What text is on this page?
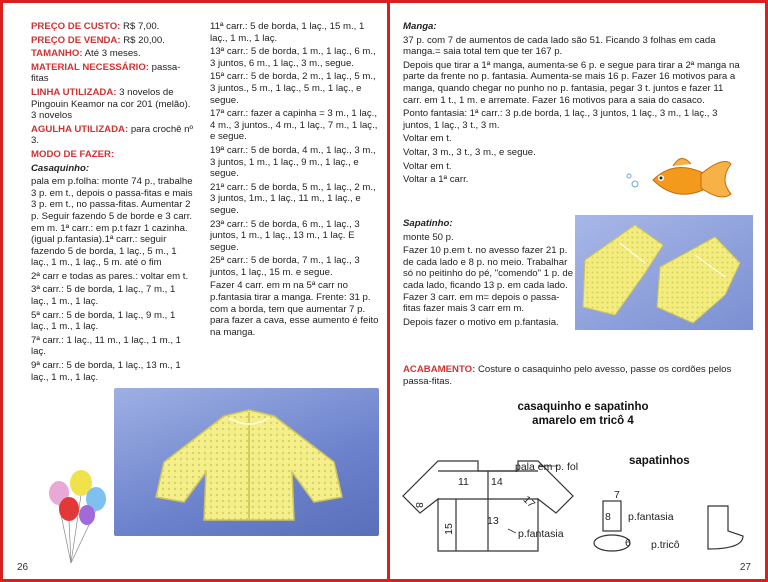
PREÇO DE CUSTO: R$ 7,00.
PREÇO DE VENDA: R$ 20,00.
TAMANHO: Até 3 meses.
MATERIAL NECESSÁRIO: passa-fitas
LINHA UTILIZADA: 3 novelos de Pingouin Keamor na cor 201 (melão). 3 novelos
AGULHA UTILIZADA: para crochê nº 3.
MODO DE FAZER:
Casaquinho:
pala em p.folha: monte 74 p., trabalhe 3 p. em t., depois o passa-fitas e mais 3 p. em t., no passa-fitas. Aumentar 2 p. Seguir fazendo 5 de borde e 3 carr. em m. 1ª carr.: em p.t fazr 1 cazinha.(igual p.fantasia).1ª carr.: seguir fazendo 5 de borda, 1 laç., 5 m., 1 laç., 1 m., 1 laç., 5 m. até o fim
2ª carr e todas as pares.: voltar em t.
3ª carr.: 5 de borda, 1 laç., 7 m., 1 laç., 1 m., 1 laç.
5ª carr.: 5 de borda, 1 laç., 9 m., 1 laç., 1 m., 1 laç.
7ª carr.: 1 laç., 11 m., 1 laç., 1 m., 1 laç.
9ª carr.: 5 de borda, 1 laç., 13 m., 1 laç., 1 m., 1 laç.
11ª carr.: 5 de borda, 1 laç., 15 m., 1 laç., 1 m., 1 laç.
13ª carr.: 5 de borda, 1 m., 1 laç., 6 m., 3 juntos, 6 m., 1 laç., 3 m., segue.
15ª carr.: 5 de borda, 2 m., 1 laç., 5 m., 3 juntos., 5 m., 1 laç., 5 m., 1 laç., e segue.
17ª carr.: fazer a capinha = 3 m., 1 laç., 4 m., 3 juntos., 4 m., 1 laç., 7 m., 1 laç., e segue.
19ª carr.: 5 de borda, 4 m., 1 laç., 3 m., 3 juntos, 1 m., 1 laç., 9 m., 1 laç., e segue.
21ª carr.: 5 de borda, 5 m., 1 laç., 2 m., 3 juntos, 1m., 1 laç., 11 m., 1 laç., e segue.
23ª carr.: 5 de borda, 6 m., 1 laç., 3 juntos, 1 m., 1 laç., 13 m., 1 laç. E segue.
25ª carr.: 5 de borda, 7 m., 1 laç., 3 juntos, 1 laç., 15 m. e segue.
Fazer 4 carr. em m na 5ª carr no p.fantasia tirar a manga. Frente: 31 p. com a borda, tem que aumentar 7 p. para fazer a cava, esse aumento é feito na manga.
26
Manga:
37 p. com 7 de aumentos de cada lado são 51. Ficando 3 folhas em cada manga.= saia total tem que ter 167 p.
Depois que tirar a 1ª manga, aumenta-se 6 p. e segue para tirar a 2ª manga na parte da frente no p. fantasia. Aumenta-se mais 16 p. Fazer 16 motivos para a manga, quando chegar no punho no p. fantasia, pegar 3 t. juntos e fazer 11 carr. em 1 t., 1 m. e arremate. Fazer 16 motivos para a saia do casaco.
Ponto fantasia: 1ª carr.: 3 p.de borda, 1 laç., 3 juntos, 1 laç., 3 m., 1 laç., 3 juntos, 1 laç., 3 t., 3 m.
Voltar em t.
Voltar, 3 m., 3 t., 3 m., e segue.
Voltar em t.
Voltar a 1ª carr.
Sapatinho:
monte 50 p.
Fazer 10 p.em t. no avesso fazer 21 p. de cada lado e 8 p. no meio. Trabalhar só no peitinho do pé, "comendo" 1 p. de cada lado, ficando 13 p. em cada lado. Fazer 3 carr. em m= depois o passa-fitas fazer mais 3 carr em m.
Depois fazer o motivo em p.fantasia.
ACABAMENTO: Costure o casaquinho pelo avesso, passe os cordões pelos passa-fitas.
casaquinho e sapatinho
amarelo em tricô 4
11 14
8	17
15
13
pala em p. fol
p.fantasia
sapatinhos
7
8
6
p.fantasia
p.tricô
27
